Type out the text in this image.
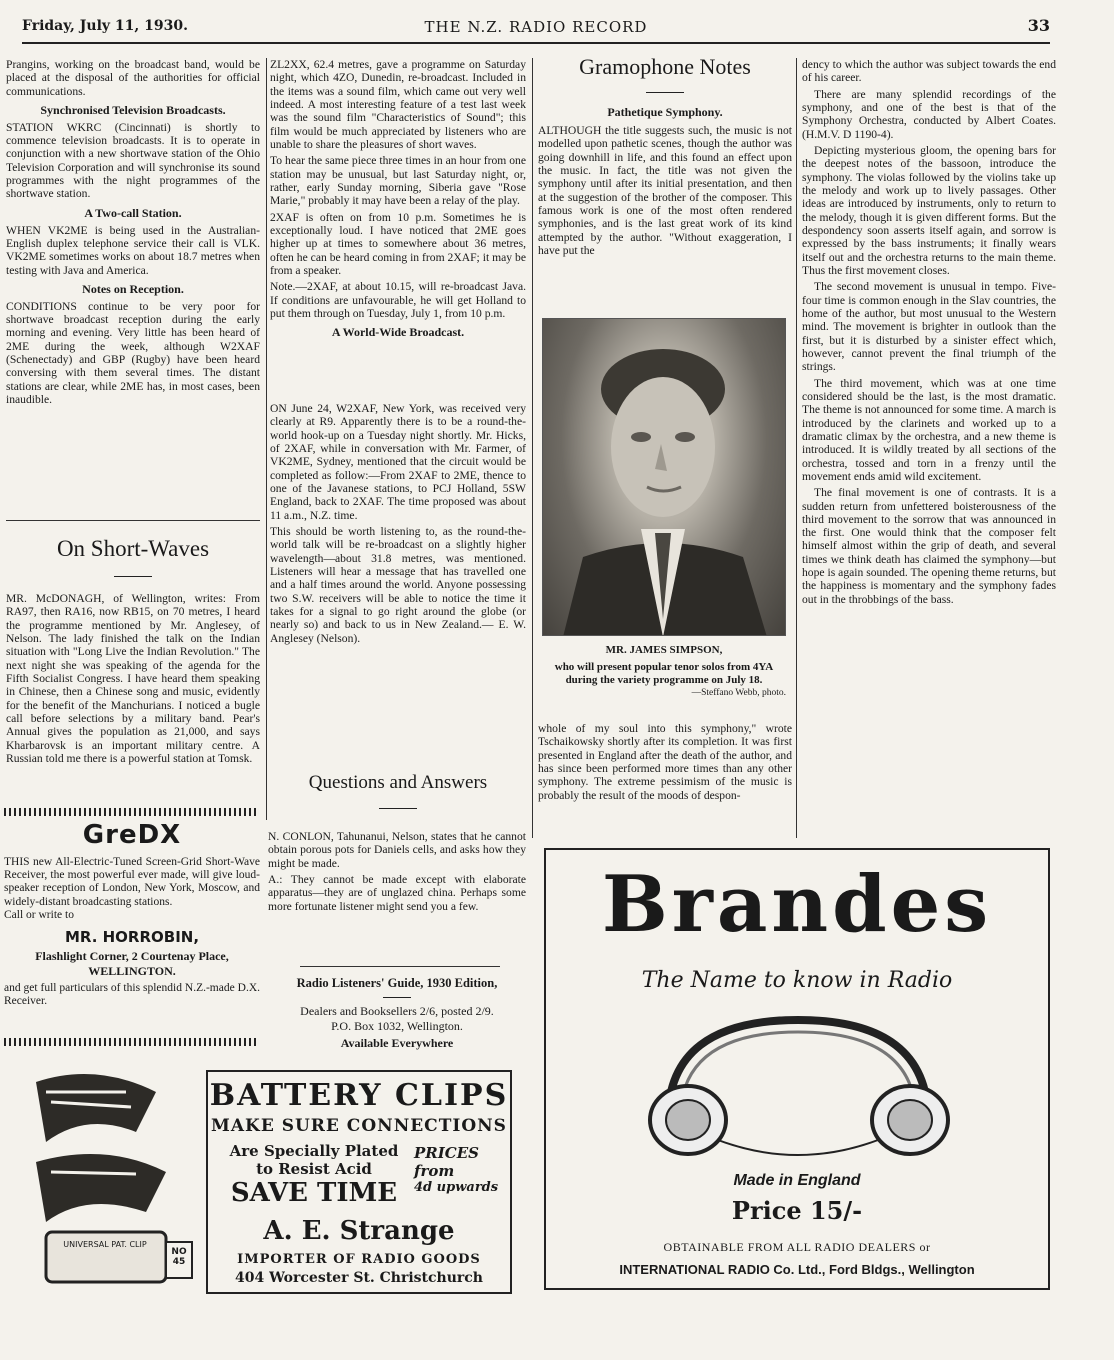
Friday, July 11, 1930.	THE N.Z. RADIO RECORD	33

Prangins, working on the broadcast band, would be placed at the disposal of the authorities for official communications.

Synchronised Television Broadcasts.

STATION WKRC (Cincinnati) is shortly to commence television broadcasts. It is to operate in conjunction with a new shortwave station of the Ohio Television Corporation and will synchronise its sound programmes with the night programmes of the shortwave station.

A Two-call Station.

WHEN VK2ME is being used in the Australian-English duplex telephone service their call is VLK. VK2ME sometimes works on about 18.7 metres when testing with Java and America.

Notes on Reception.

CONDITIONS continue to be very poor for shortwave broadcast reception during the early morning and evening. Very little has been heard of 2ME during the week, although W2XAF (Schenectady) and GBP (Rugby) have been heard conversing with them several times. The distant stations are clear, while 2ME has, in most cases, been inaudible.

On Short-Waves

MR. McDONAGH, of Wellington, writes: From RA97, then RA16, now RB15, on 70 metres, I heard the programme mentioned by Mr. Anglesey, of Nelson. The lady finished the talk on the Indian situation with "Long Live the Indian Revolution." The next night she was speaking of the agenda for the Fifth Socialist Congress. I have heard them speaking in Chinese, then a Chinese song and music, evidently for the benefit of the Manchurians. I noticed a bugle call before selections by a military band. Pear's Annual gives the population as 21,000, and says Kharbarovsk is an important military centre. A Russian told me there is a powerful station at Tomsk.

GreDX
THIS new All-Electric-Tuned Screen-Grid Short-Wave Receiver, the most powerful ever made, will give loud-speaker reception of London, New York, Moscow, and widely-distant broadcasting stations.
Call or write to
MR. HORROBIN,
Flashlight Corner, 2 Courtenay Place, WELLINGTON.
and get full particulars of this splendid N.Z.-made D.X. Receiver.

ZL2XX, 62.4 metres, gave a programme on Saturday night, which 4ZO, Dunedin, re-broadcast. Included in the items was a sound film, which came out very well indeed. A most interesting feature of a test last week was the sound film "Characteristics of Sound"; this film would be much appreciated by listeners who are unable to share the pleasures of short waves.

To hear the same piece three times in an hour from one station may be unusual, but last Saturday night, or, rather, early Sunday morning, Siberia gave "Rose Marie," probably it may have been a relay of the play.

2XAF is often on from 10 p.m. Sometimes he is exceptionally loud. I have noticed that 2ME goes higher up at times to somewhere about 36 metres, often he can be heard coming in from 2XAF; it may be from a speaker.

Note.—2XAF, at about 10.15, will re-broadcast Java. If conditions are unfavourable, he will get Holland to put them through on Tuesday, July 1, from 10 p.m.

A World-Wide Broadcast.

ON June 24, W2XAF, New York, was received very clearly at R9. Apparently there is to be a round-the-world hook-up on a Tuesday night shortly. Mr. Hicks, of 2XAF, while in conversation with Mr. Farmer, of VK2ME, Sydney, mentioned that the circuit would be completed as follow:—From 2XAF to 2ME, thence to one of the Javanese stations, to PCJ Holland, 5SW England, back to 2XAF. The time proposed was about 11 a.m., N.Z. time.

This should be worth listening to, as the round-the-world talk will be re-broadcast on a slightly higher wavelength—about 31.8 metres, was mentioned. Listeners will hear a message that has travelled one and a half times around the world. Anyone possessing two S.W. receivers will be able to notice the time it takes for a signal to go right around the globe (or nearly so) and back to us in New Zealand.— E. W. Anglesey (Nelson).

Questions and Answers

N. CONLON, Tahunanui, Nelson, states that he cannot obtain porous pots for Daniels cells, and asks how they might be made.

A.: They cannot be made except with elaborate apparatus—they are of unglazed china. Perhaps some more fortunate listener might send you a few.

Radio Listeners' Guide, 1930 Edition,
Dealers and Booksellers 2/6, posted 2/9.
P.O. Box 1032, Wellington.
Available Everywhere
Gramophone Notes
Pathetique Symphony.

ALTHOUGH the title suggests such, the music is not modelled upon pathetic scenes, though the author was going downhill in life, and this found an effect upon the music. In fact, the title was not given the symphony until after its initial presentation, and then at the suggestion of the brother of the composer. This famous work is one of the most often rendered symphonies, and is the last great work of its kind attempted by the author. "Without exaggeration, I have put the

MR. JAMES SIMPSON,
who will present popular tenor solos from 4YA during the variety programme on July 18.
—Steffano Webb, photo.

whole of my soul into this symphony," wrote Tschaikowsky shortly after its completion. It was first presented in England after the death of the author, and has since been performed more times than any other symphony. The extreme pessimism of the music is probably the result of the moods of despon-

dency to which the author was subject towards the end of his career.

There are many splendid recordings of the symphony, and one of the best is that of the Symphony Orchestra, conducted by Albert Coates. (H.M.V. D 1190-4).

Depicting mysterious gloom, the opening bars for the deepest notes of the bassoon, introduce the symphony. The violas followed by the violins take up the melody and work up to lively passages. Other ideas are introduced by instruments, only to return to the melody, though it is given different forms. But the despondency soon asserts itself again, and sorrow is expressed by the bass instruments; it finally wears itself out and the orchestra returns to the main theme. Thus the first movement closes.

The second movement is unusual in tempo. Five-four time is common enough in the Slav countries, the home of the author, but most unusual to the Western mind. The movement is brighter in outlook than the first, but it is disturbed by a sinister effect which, however, cannot prevent the final triumph of the strings.

The third movement, which was at one time considered should be the last, is the most dramatic. The theme is not announced for some time. A march is introduced by the clarinets and worked up to a dramatic climax by the orchestra, and a new theme is introduced. It is wildly treated by all sections of the orchestra, tossed and torn in a frenzy until the movement ends amid wild excitement.

The final movement is one of contrasts. It is a sudden return from unfettered boisterousness of the third movement to the sorrow that was announced in the first. One would think that the composer felt himself almost within the grip of death, and several times we think death has claimed the symphony—but hope is again sounded. The opening theme returns, but the happiness is momentary and the symphony fades out in the throbbings of the bass.

Brandes
The Name to know in Radio
Made in England
Price 15/-
OBTAINABLE FROM ALL RADIO DEALERS or
INTERNATIONAL RADIO Co. Ltd., Ford Bldgs., Wellington
UNIVERSAL PAT. CLIP
NO 45
BATTERY CLIPS
MAKE SURE CONNECTIONS
Are Specially Plated
to Resist Acid
SAVE TIME
PRICES
from
4d upwards
A. E. Strange
IMPORTER OF RADIO GOODS
404 Worcester St. Christchurch
